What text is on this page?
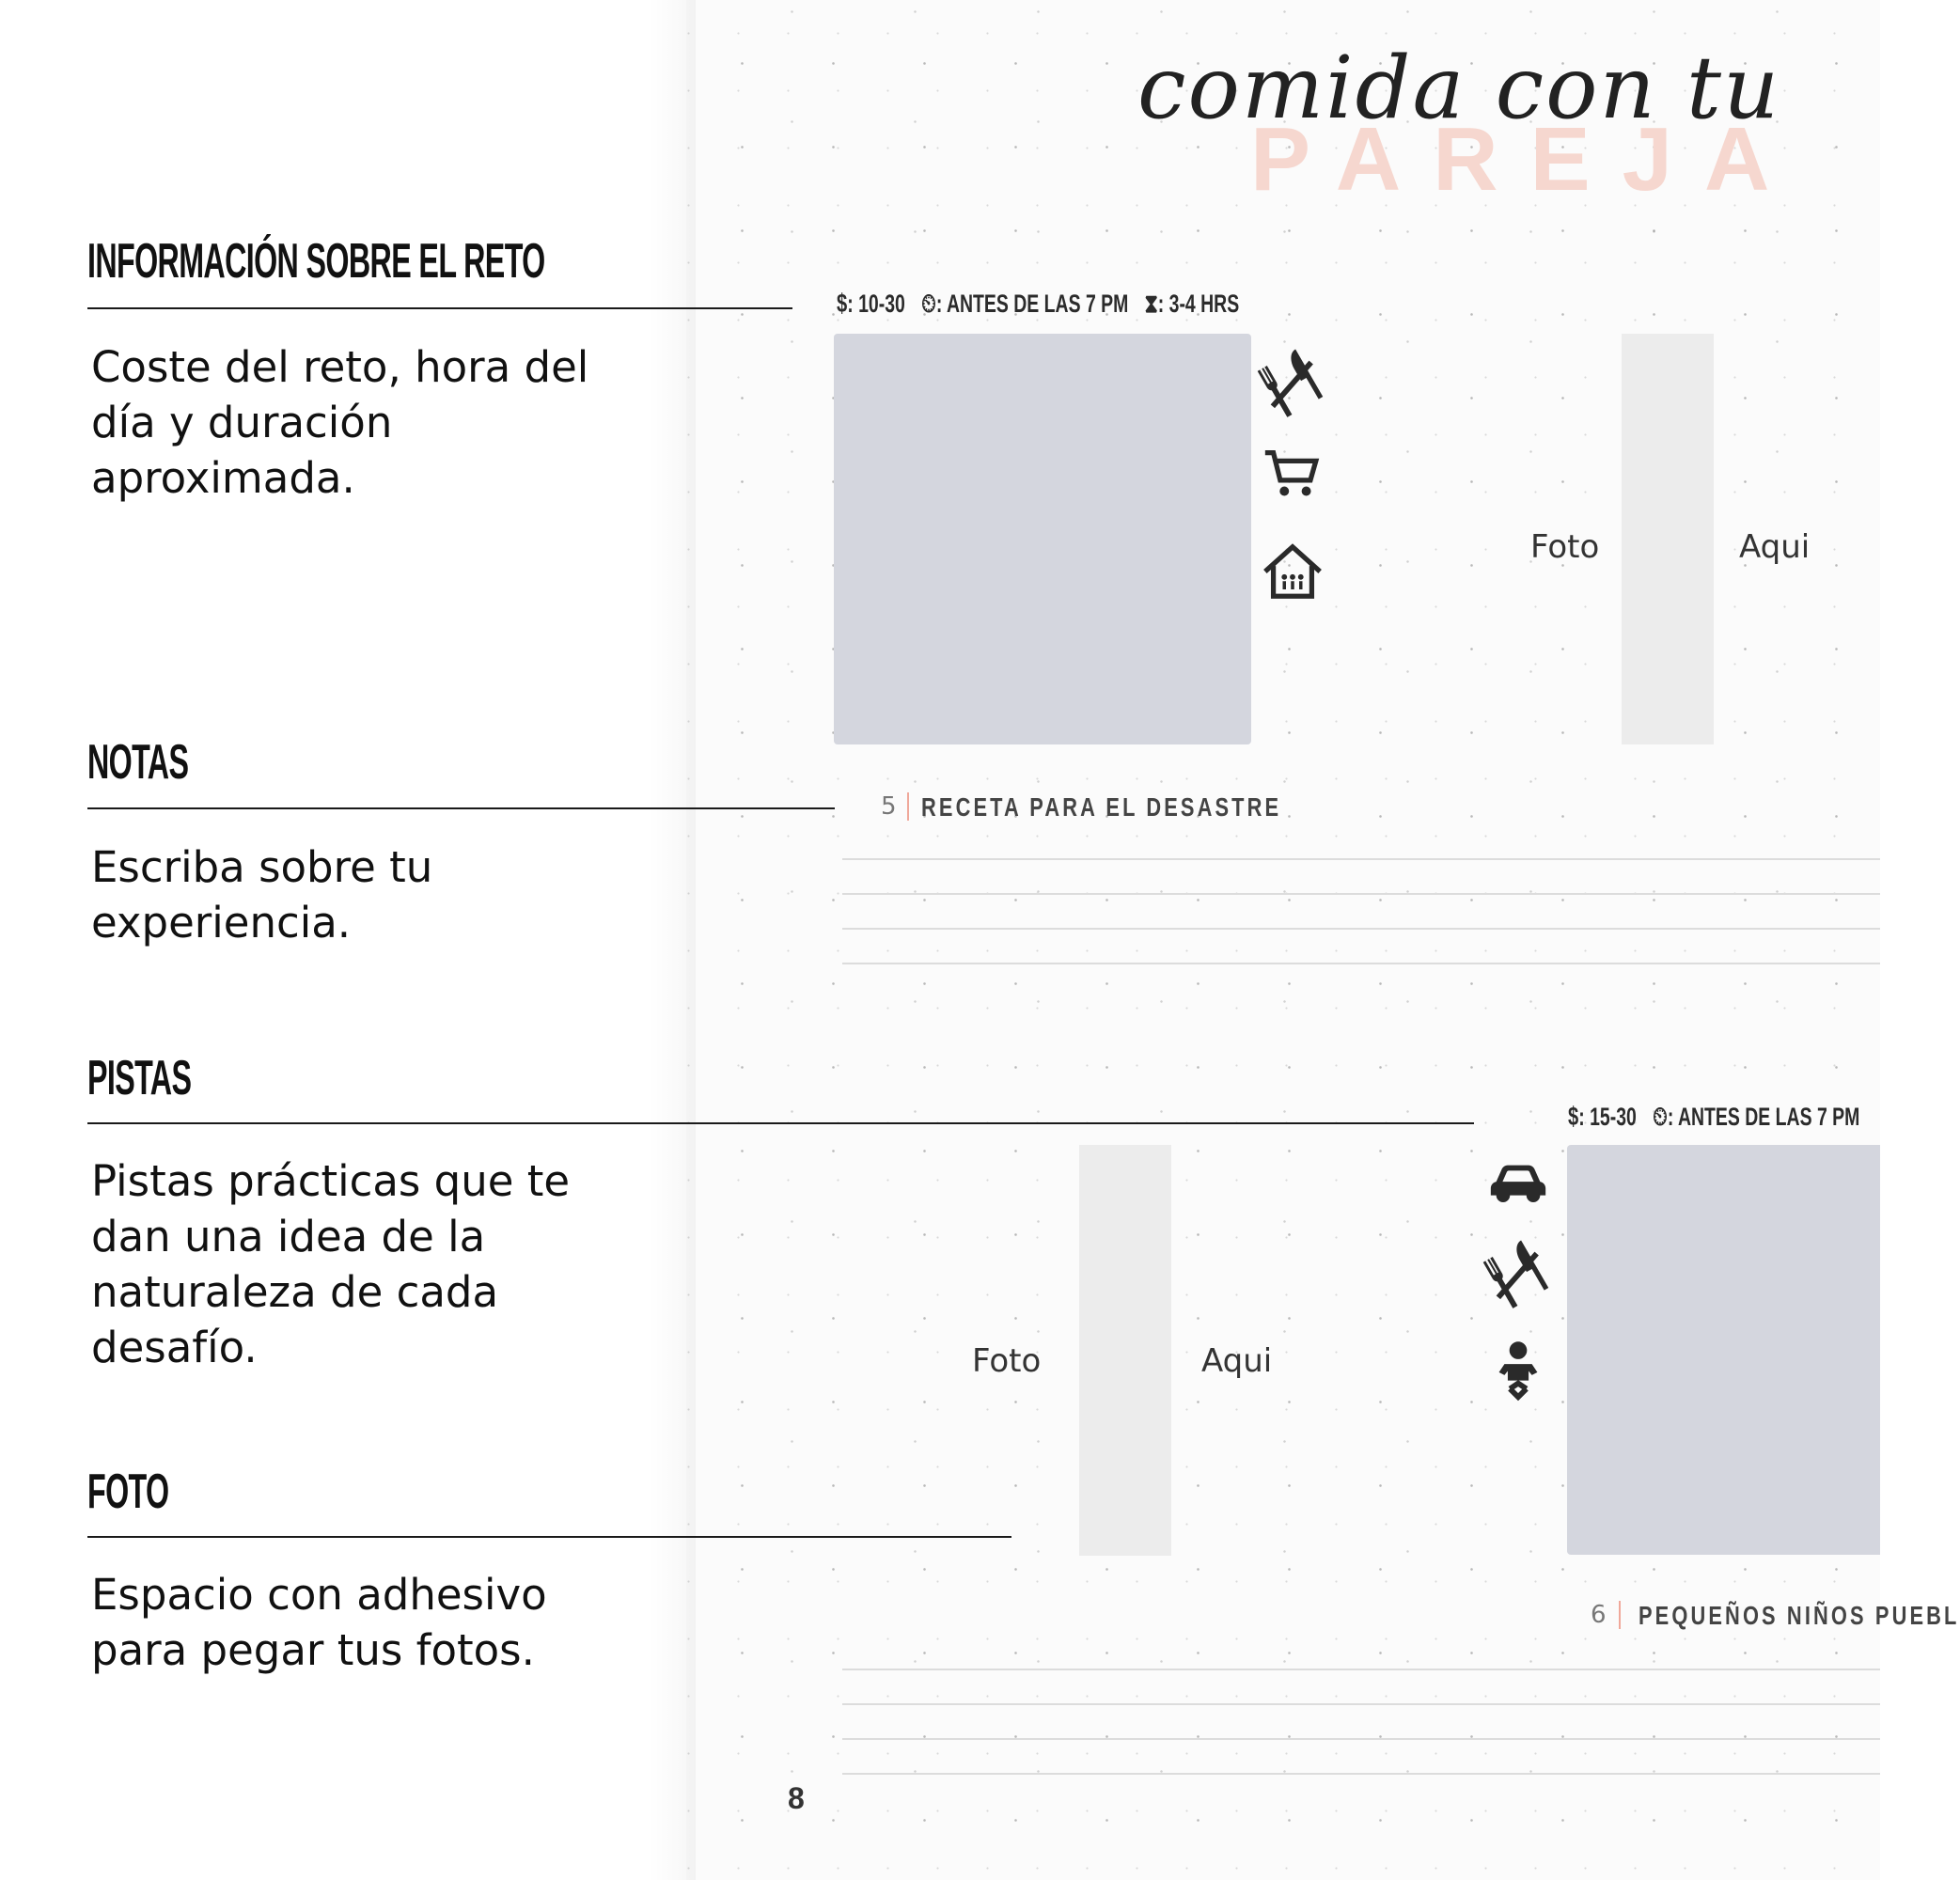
INFORMACIÓN SOBRE EL RETO

Coste del reto, hora del día y duración aproximada.

NOTAS

Escriba sobre tu experiencia.

PISTAS

Pistas prácticas que te dan una idea de la naturaleza de cada desafío.

FOTO

Espacio con adhesivo para pegar tus fotos.

comida con tu
PAREJA
$: 10-30 ⏲: ANTES DE LAS 7 PM ⧗: 3-4 HRS
Foto	Aqui
5 RECETA PARA EL DESASTRE
$: 15-30 ⏲: ANTES DE LAS 7 PM
Foto	Aqui
6 PEQUEÑOS NIÑOS PUEBL
8
